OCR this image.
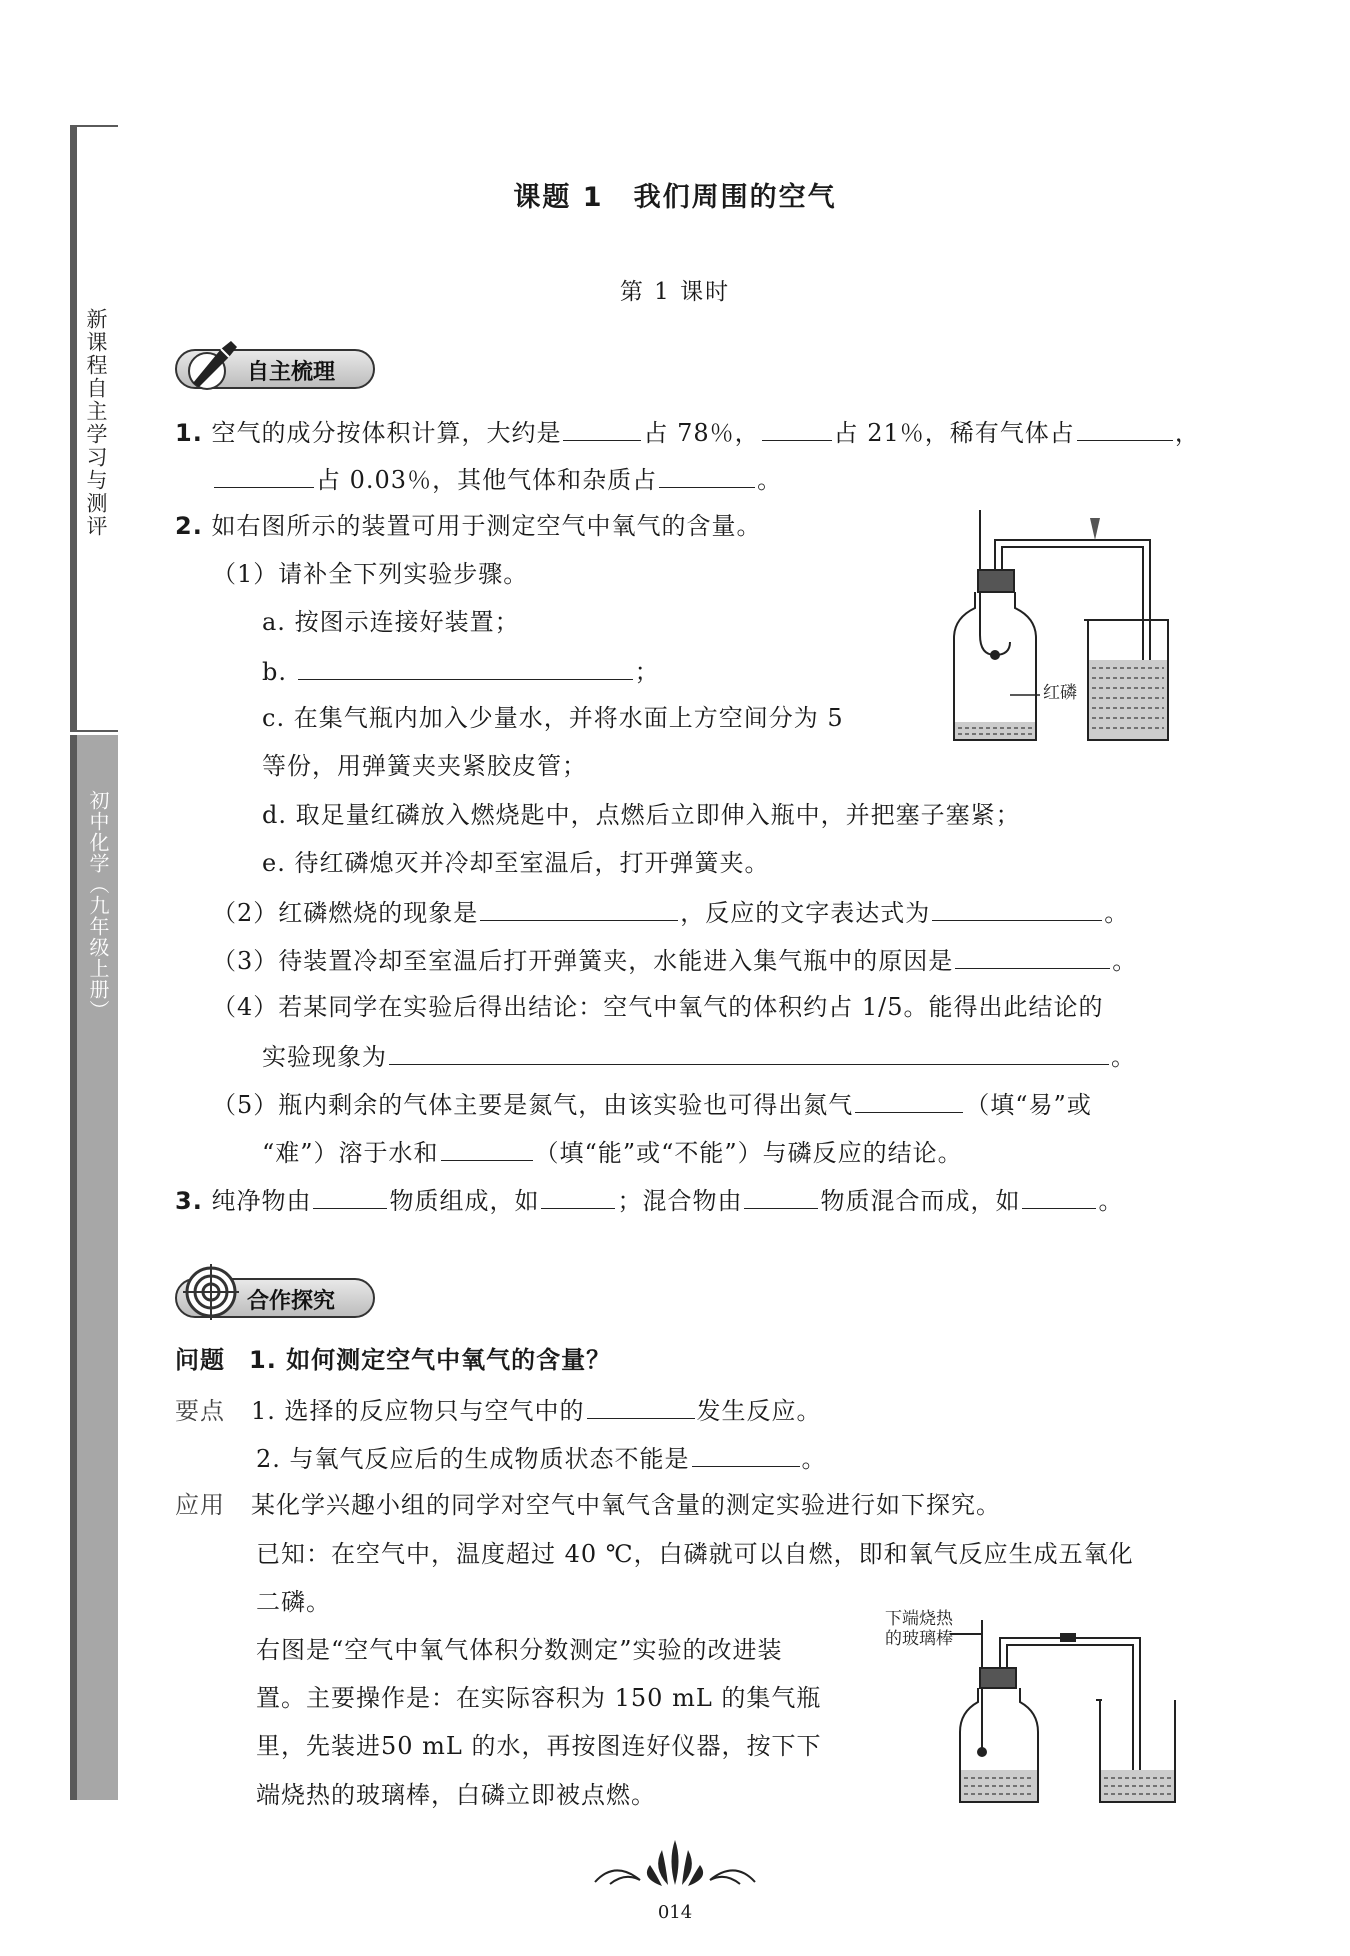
新课程自主学习与测评
初中化学（九年级上册）
课题 1 我们周围的空气
第 1 课时
自主梳理
1. 空气的成分按体积计算，大约是	占 78％，	占 21％，稀有气体占	，
占 0.03％，其他气体和杂质占	。
2. 如右图所示的装置可用于测定空气中氧气的含量。
（1）请补全下列实验步骤。
a. 按图示连接好装置；
b.	；
c. 在集气瓶内加入少量水，并将水面上方空间分为 5
等份，用弹簧夹夹紧胶皮管；
d. 取足量红磷放入燃烧匙中，点燃后立即伸入瓶中，并把塞子塞紧；
e. 待红磷熄灭并冷却至室温后，打开弹簧夹。
（2）红磷燃烧的现象是	，反应的文字表达式为	。
（3）待装置冷却至室温后打开弹簧夹，水能进入集气瓶中的原因是	。
（4）若某同学在实验后得出结论：空气中氧气的体积约占 1/5。能得出此结论的
实验现象为	。
（5）瓶内剩余的气体主要是氮气，由该实验也可得出氮气	（填“易”或
“难”）溶于水和	（填“能”或“不能”）与磷反应的结论。
红磷
3. 纯净物由	物质组成，如	；混合物由	物质混合而成，如	。
合作探究
问题 1. 如何测定空气中氧气的含量？
要点 1. 选择的反应物只与空气中的	发生反应。
2. 与氧气反应后的生成物质状态不能是	。
应用 某化学兴趣小组的同学对空气中氧气含量的测定实验进行如下探究。
已知：在空气中，温度超过 40 ℃，白磷就可以自燃，即和氧气反应生成五氧化
二磷。
右图是“空气中氧气体积分数测定”实验的改进装
置。主要操作是：在实际容积为 150 mL 的集气瓶
里，先装进50 mL 的水，再按图连好仪器，按下下
端烧热的玻璃棒，白磷立即被点燃。
下端烧热
的玻璃棒
014
